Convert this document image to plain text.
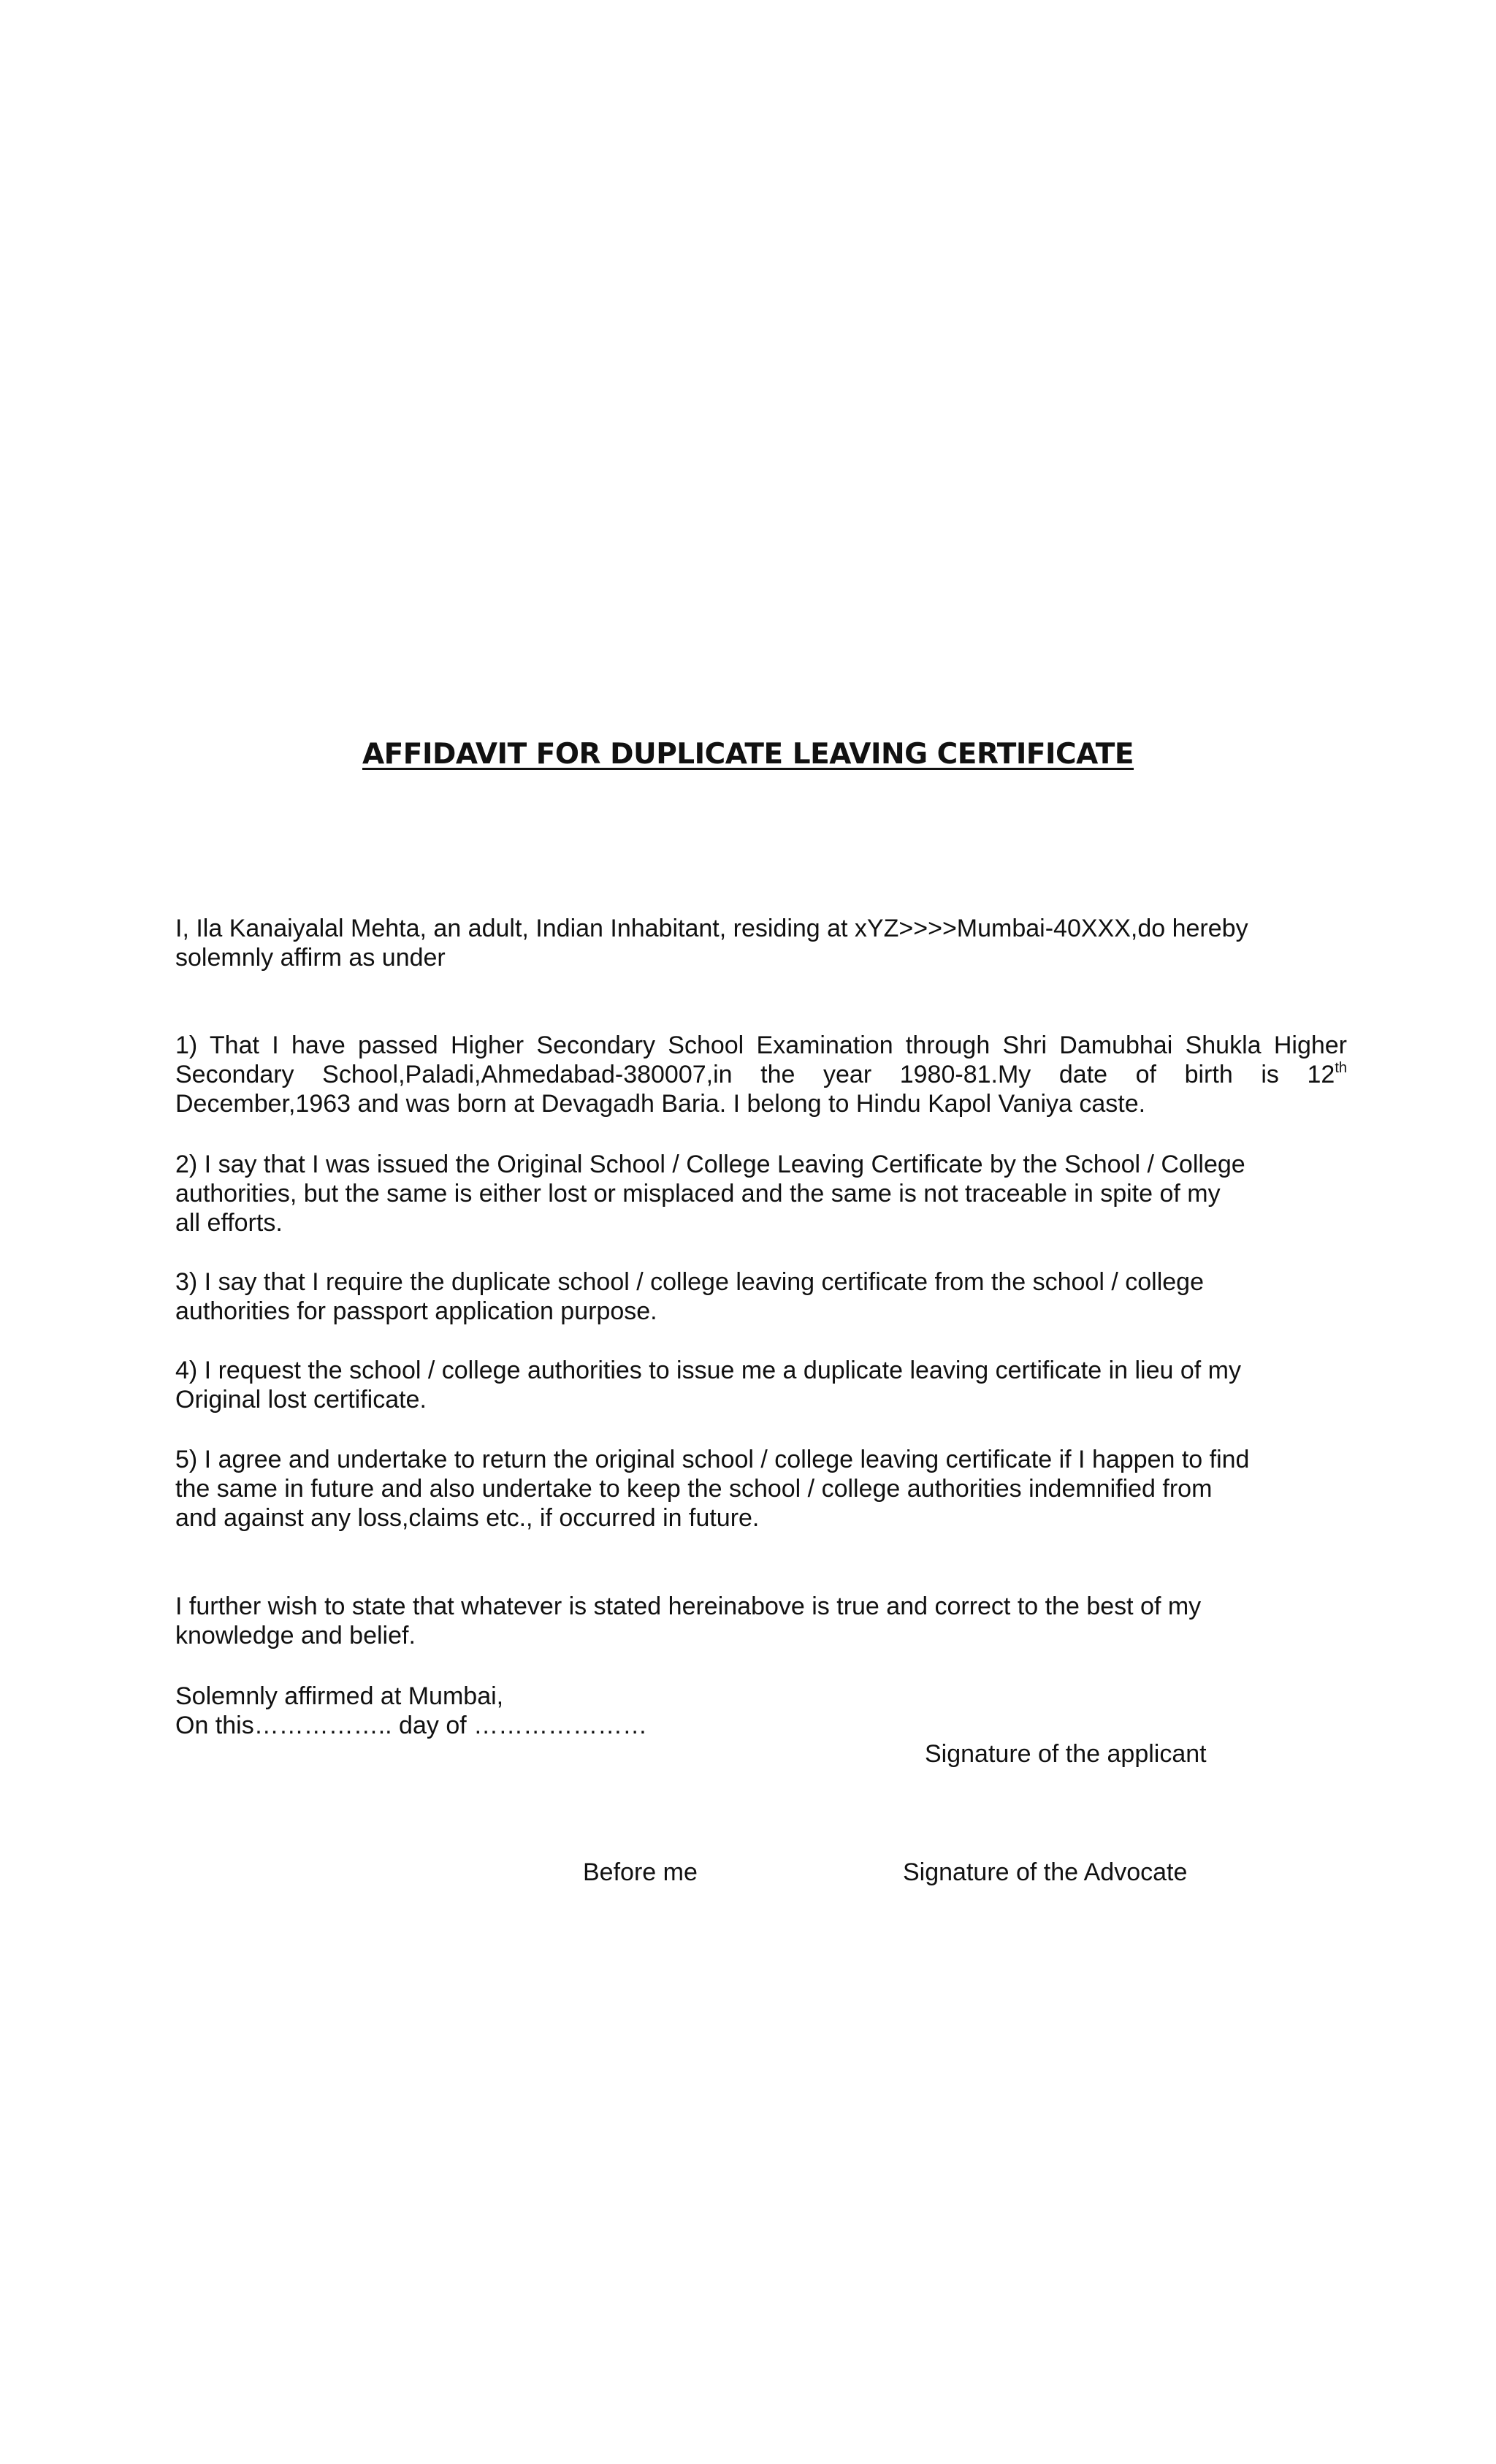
AFFIDAVIT FOR DUPLICATE LEAVING CERTIFICATE
I, Ila Kanaiyalal Mehta, an adult, Indian Inhabitant, residing at xYZ>>>>Mumbai-40XXX,do hereby
solemnly affirm as under
1) That I have passed Higher Secondary School Examination through Shri Damubhai Shukla Higher
Secondary School,Paladi,Ahmedabad-380007,in the year 1980-81.My date of birth is 12th
December,1963 and was born at Devagadh Baria. I belong to Hindu Kapol Vaniya caste.
2) I say that I was issued the Original School / College Leaving Certificate by the School / College
authorities, but the same is either lost or misplaced and the same is not traceable in spite of my
all efforts.
3) I say that I require the duplicate school / college leaving certificate from the school / college
authorities for passport application purpose.
4) I request the school / college authorities to issue me a duplicate leaving certificate in lieu of my
Original lost certificate.
5) I agree and undertake to return the original school / college leaving certificate if I happen to find
the same in future and also undertake to keep the school / college authorities indemnified from
and against any loss,claims etc., if occurred in future.
I further wish to state that whatever is stated hereinabove is true and correct to the best of my
knowledge and belief.
Solemnly affirmed at Mumbai,
On this…………….. day of …………………
Signature of the applicant
Before me	Signature of the Advocate
